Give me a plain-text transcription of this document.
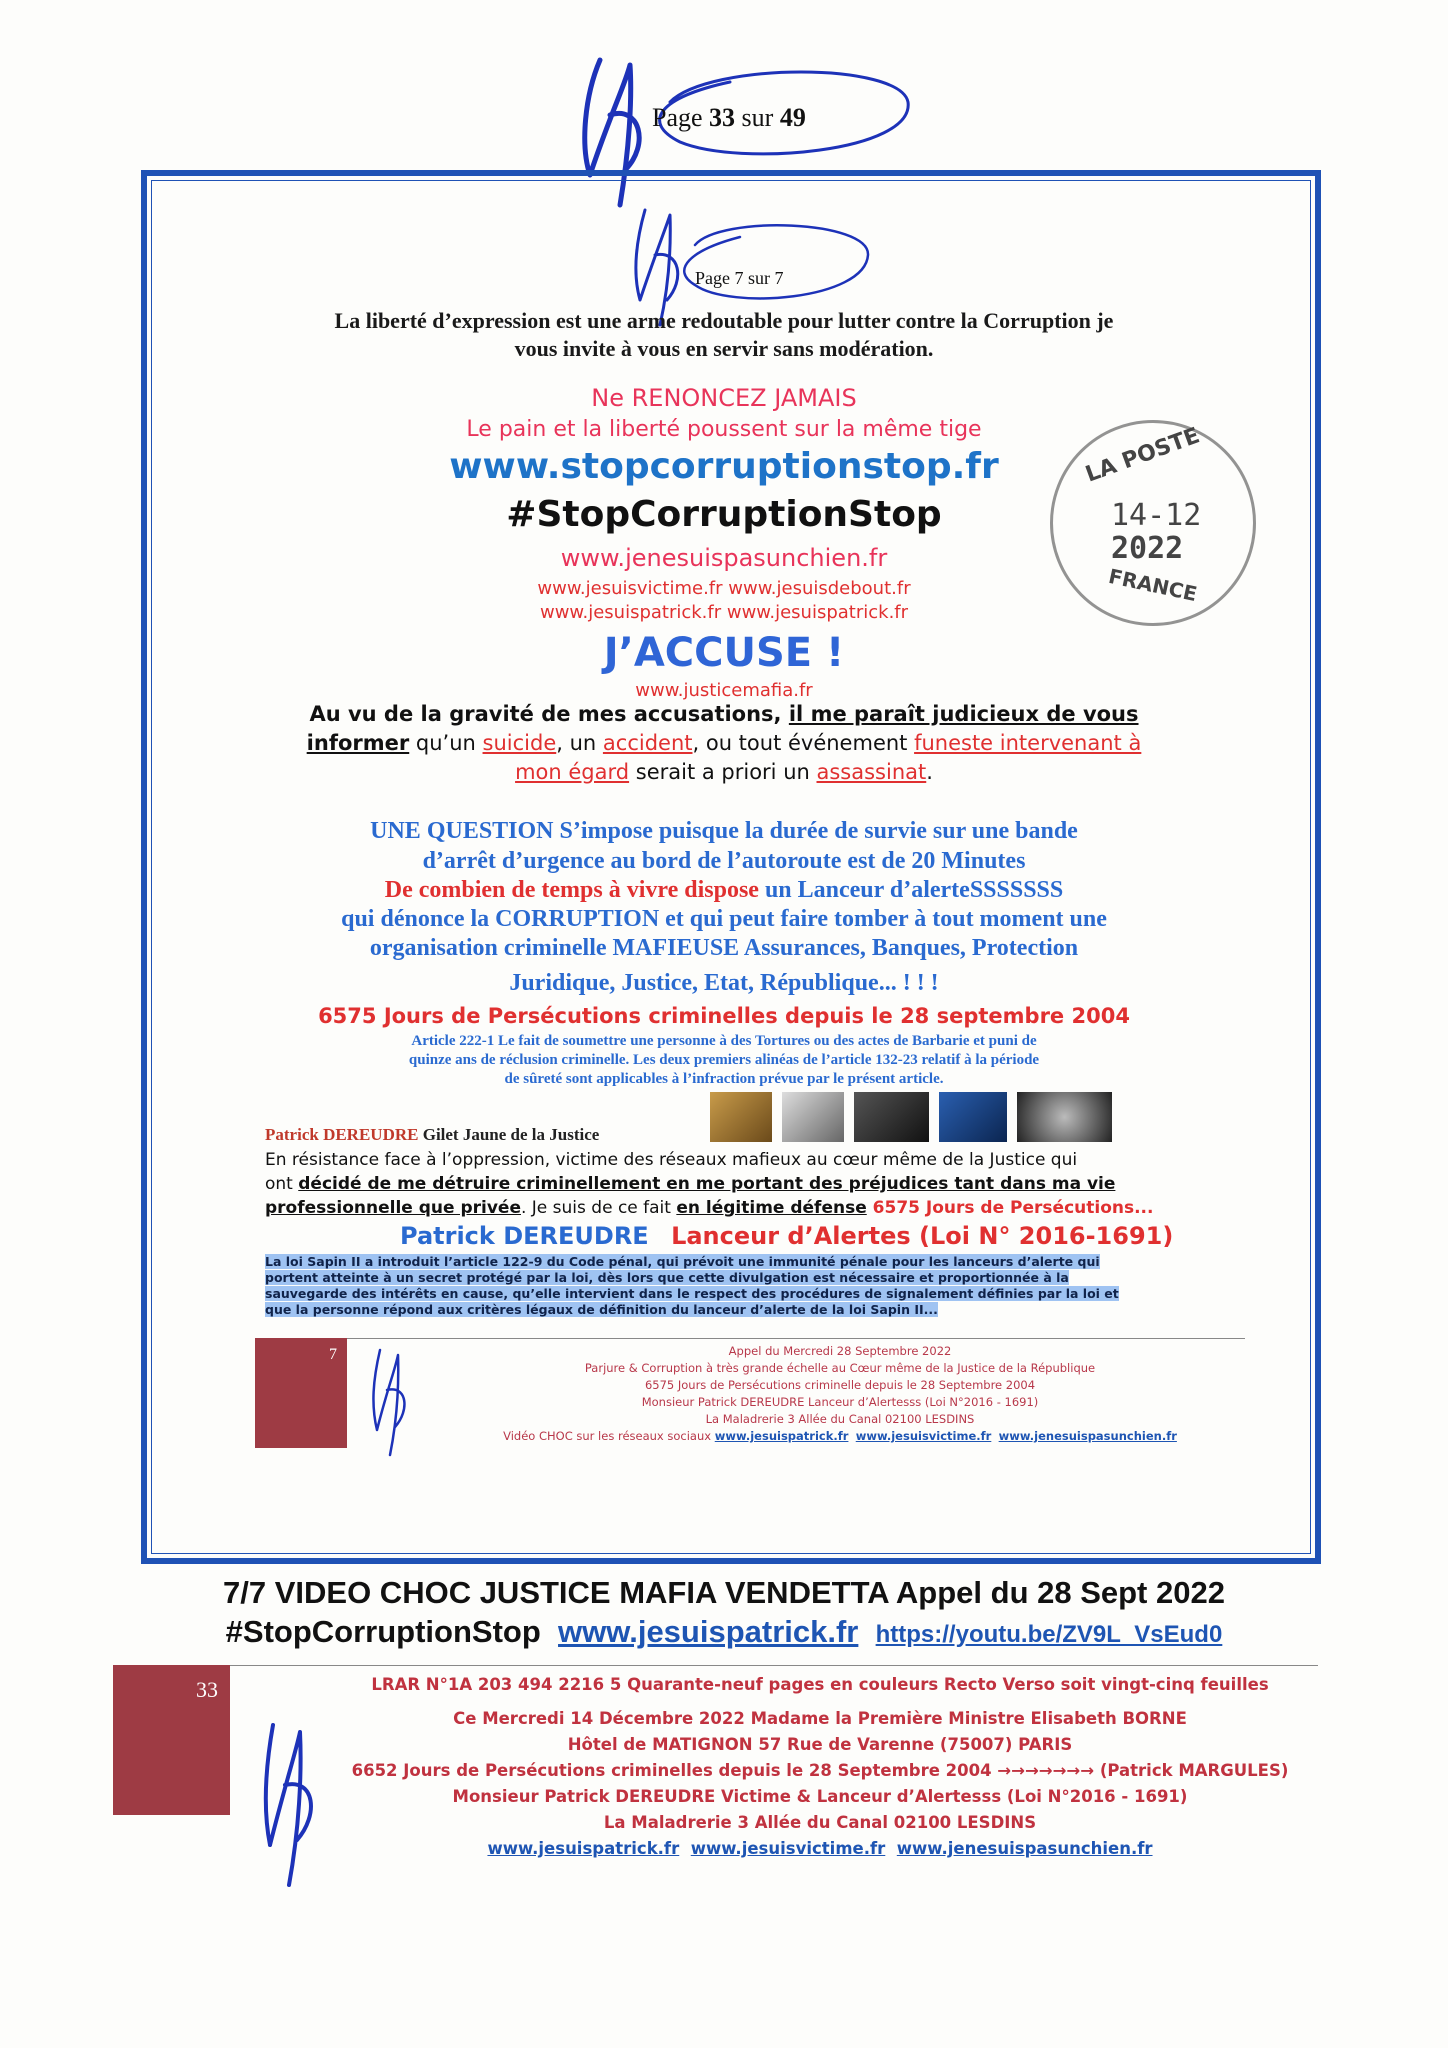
Page 33 sur 49
Page 7 sur 7
La liberté d’expression est une arme redoutable pour lutter contre la Corruption je
vous invite à vous en servir sans modération.
Ne RENONCEZ JAMAIS
Le pain et la liberté poussent sur la même tige
www.stopcorruptionstop.fr
#StopCorruptionStop
www.jenesuispasunchien.fr
www.jesuisvictime.fr www.jesuisdebout.fr
www.jesuispatrick.fr www.jesuispatrick.fr
J’ACCUSE !
www.justicemafia.fr
LA POSTE
14-12
2022
FRANCE
Au vu de la gravité de mes accusations, il me paraît judicieux de vous
informer qu’un suicide, un accident, ou tout événement funeste intervenant à
mon égard serait a priori un assassinat.
UNE QUESTION S’impose puisque la durée de survie sur une bande
d’arrêt d’urgence au bord de l’autoroute est de 20 Minutes
De combien de temps à vivre dispose un Lanceur d’alerteSSSSSSS
qui dénonce la CORRUPTION et qui peut faire tomber à tout moment une
organisation criminelle MAFIEUSE Assurances, Banques, Protection
Juridique, Justice, Etat, République... ! ! !
6575 Jours de Persécutions criminelles depuis le 28 septembre 2004
Article 222-1 Le fait de soumettre une personne à des Tortures ou des actes de Barbarie et puni de
quinze ans de réclusion criminelle. Les deux premiers alinéas de l’article 132-23 relatif à la période
de sûreté sont applicables à l’infraction prévue par le présent article.
Patrick DEREUDRE Gilet Jaune de la Justice

En résistance face à l’oppression, victime des réseaux mafieux au cœur même de la Justice qui
ont décidé de me détruire criminellement en me portant des préjudices tant dans ma vie
professionnelle que privée. Je suis de ce fait en légitime défense 6575 Jours de Persécutions...
Patrick DEREUDRE Lanceur d’Alertes (Loi N° 2016-1691)
La loi Sapin II a introduit l’article 122-9 du Code pénal, qui prévoit une immunité pénale pour les lanceurs d’alerte qui
portent atteinte à un secret protégé par la loi, dès lors que cette divulgation est nécessaire et proportionnée à la
sauvegarde des intérêts en cause, qu’elle intervient dans le respect des procédures de signalement définies par la loi et
que la personne répond aux critères légaux de définition du lanceur d’alerte de la loi Sapin II...
7	Appel du Mercredi 28 Septembre 2022
Parjure & Corruption à très grande échelle au Cœur même de la Justice de la République
6575 Jours de Persécutions criminelle depuis le 28 Septembre 2004
Monsieur Patrick DEREUDRE Lanceur d’Alertesss (Loi N°2016 - 1691)
La Maladrerie 3 Allée du Canal 02100 LESDINS
Vidéo CHOC sur les réseaux sociaux www.jesuispatrick.fr www.jesuisvictime.fr www.jenesuispasunchien.fr
7/7 VIDEO CHOC JUSTICE MAFIA VENDETTA Appel du 28 Sept 2022
#StopCorruptionStop www.jesuispatrick.fr https://youtu.be/ZV9L_VsEud0
33	LRAR N°1A 203 494 2216 5 Quarante-neuf pages en couleurs Recto Verso soit vingt-cinq feuilles
Ce Mercredi 14 Décembre 2022 Madame la Première Ministre Elisabeth BORNE
Hôtel de MATIGNON 57 Rue de Varenne (75007) PARIS
6652 Jours de Persécutions criminelles depuis le 28 Septembre 2004 →→→→→→→ (Patrick MARGULES)
Monsieur Patrick DEREUDRE Victime & Lanceur d’Alertesss (Loi N°2016 - 1691)
La Maladrerie 3 Allée du Canal 02100 LESDINS
www.jesuispatrick.fr www.jesuisvictime.fr www.jenesuispasunchien.fr
